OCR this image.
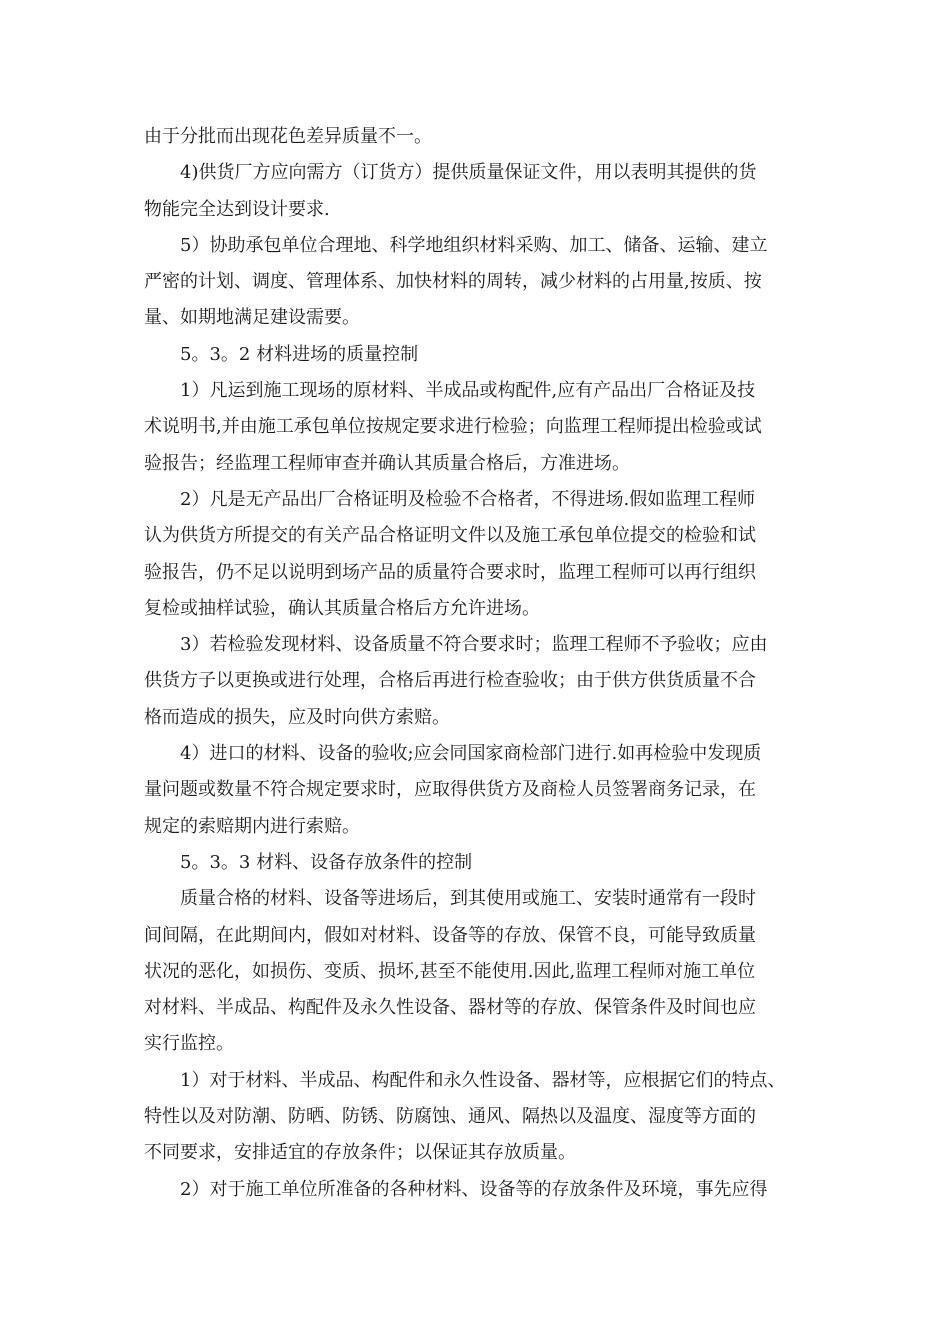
由于分批而出现花色差异质量不一。
4)供货厂方应向需方（订货方）提供质量保证文件，用以表明其提供的货
物能完全达到设计要求.
5）协助承包单位合理地、科学地组织材料采购、加工、储备、运输、建立
严密的计划、调度、管理体系、加快材料的周转，减少材料的占用量,按质、按
量、如期地满足建设需要。
5。3。2 材料进场的质量控制
1）凡运到施工现场的原材料、半成品或构配件,应有产品出厂合格证及技
术说明书,并由施工承包单位按规定要求进行检验；向监理工程师提出检验或试
验报告；经监理工程师审查并确认其质量合格后，方准进场。
2）凡是无产品出厂合格证明及检验不合格者，不得进场.假如监理工程师
认为供货方所提交的有关产品合格证明文件以及施工承包单位提交的检验和试
验报告，仍不足以说明到场产品的质量符合要求时，监理工程师可以再行组织
复检或抽样试验，确认其质量合格后方允许进场。
3）若检验发现材料、设备质量不符合要求时；监理工程师不予验收；应由
供货方子以更换或进行处理，合格后再进行检查验收；由于供方供货质量不合
格而造成的损失，应及时向供方索赔。
4）进口的材料、设备的验收;应会同国家商检部门进行.如再检验中发现质
量问题或数量不符合规定要求时，应取得供货方及商检人员签署商务记录，在
规定的索赔期内进行索赔。
5。3。3 材料、设备存放条件的控制
质量合格的材料、设备等进场后，到其使用或施工、安装时通常有一段时
间间隔，在此期间内，假如对材料、设备等的存放、保管不良，可能导致质量
状况的恶化，如损伤、变质、损坏,甚至不能使用.因此,监理工程师对施工单位
对材料、半成品、构配件及永久性设备、器材等的存放、保管条件及时间也应
实行监控。
1）对于材料、半成品、构配件和永久性设备、器材等，应根据它们的特点、
特性以及对防潮、防晒、防锈、防腐蚀、通风、隔热以及温度、湿度等方面的
不同要求，安排适宜的存放条件；以保证其存放质量。
2）对于施工单位所准备的各种材料、设备等的存放条件及环境，事先应得
